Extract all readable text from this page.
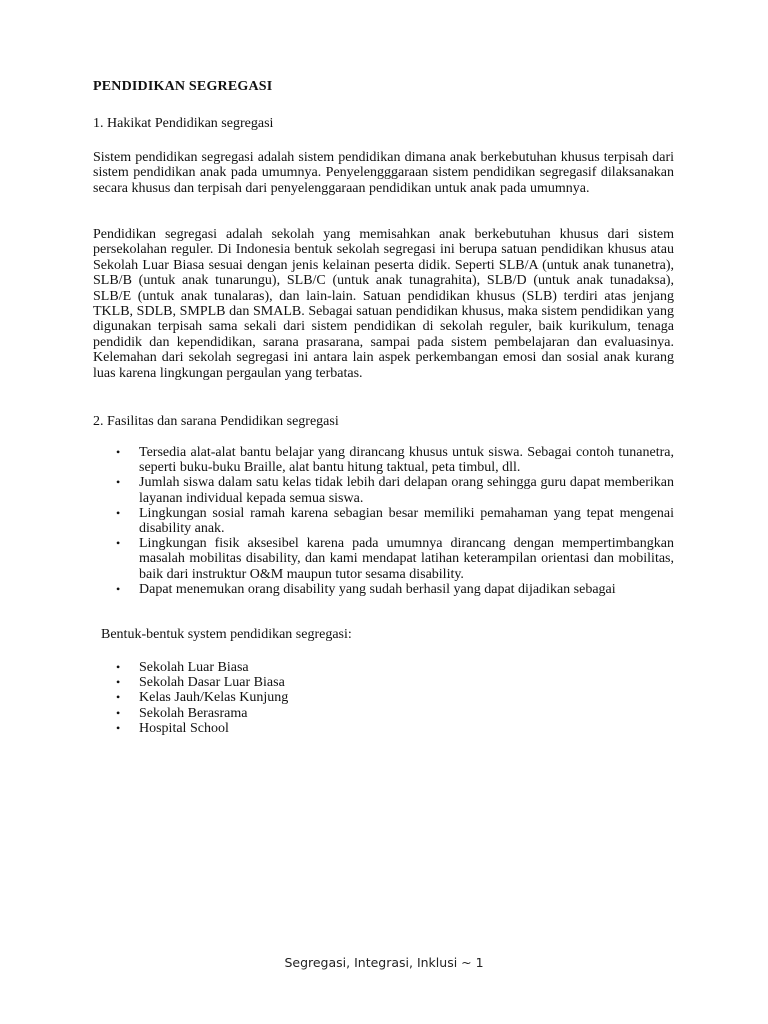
PENDIDIKAN SEGREGASI
1. Hakikat Pendidikan segregasi

Sistem pendidikan segregasi adalah sistem pendidikan dimana anak berkebutuhan khusus terpisah dari sistem pendidikan anak pada umumnya. Penyelengggaraan sistem pendidikan segregasif dilaksanakan secara khusus dan terpisah dari penyelenggaraan pendidikan untuk anak pada umumnya.

Pendidikan segregasi adalah sekolah yang memisahkan anak berkebutuhan khusus dari sistem persekolahan reguler. Di Indonesia bentuk sekolah segregasi ini berupa satuan pendidikan khusus atau Sekolah Luar Biasa sesuai dengan jenis kelainan peserta didik. Seperti SLB/A (untuk anak tunanetra), SLB/B (untuk anak tunarungu), SLB/C (untuk anak tunagrahita), SLB/D (untuk anak tunadaksa), SLB/E (untuk anak tunalaras), dan lain-lain. Satuan pendidikan khusus (SLB) terdiri atas jenjang TKLB, SDLB, SMPLB dan SMALB. Sebagai satuan pendidikan khusus, maka sistem pendidikan yang digunakan terpisah sama sekali dari sistem pendidikan di sekolah reguler, baik kurikulum, tenaga pendidik dan kependidikan, sarana prasarana, sampai pada sistem pembelajaran dan evaluasinya. Kelemahan dari sekolah segregasi ini antara lain aspek perkembangan emosi dan sosial anak kurang luas karena lingkungan pergaulan yang terbatas.

2. Fasilitas dan sarana Pendidikan segregasi
• Tersedia alat-alat bantu belajar yang dirancang khusus untuk siswa. Sebagai contoh tunanetra, seperti buku-buku Braille, alat bantu hitung taktual, peta timbul, dll.
• Jumlah siswa dalam satu kelas tidak lebih dari delapan orang sehingga guru dapat memberikan layanan individual kepada semua siswa.
• Lingkungan sosial ramah karena sebagian besar memiliki pemahaman yang tepat mengenai disability anak.
• Lingkungan fisik aksesibel karena pada umumnya dirancang dengan mempertimbangkan masalah mobilitas disability, dan kami mendapat latihan keterampilan orientasi dan mobilitas, baik dari instruktur O&M maupun tutor sesama disability.
• Dapat menemukan orang disability yang sudah berhasil yang dapat dijadikan sebagai
Bentuk-bentuk system pendidikan segregasi:
• Sekolah Luar Biasa
• Sekolah Dasar Luar Biasa
• Kelas Jauh/Kelas Kunjung
• Sekolah Berasrama
• Hospital School
Segregasi, Integrasi, Inklusi ~ 1
